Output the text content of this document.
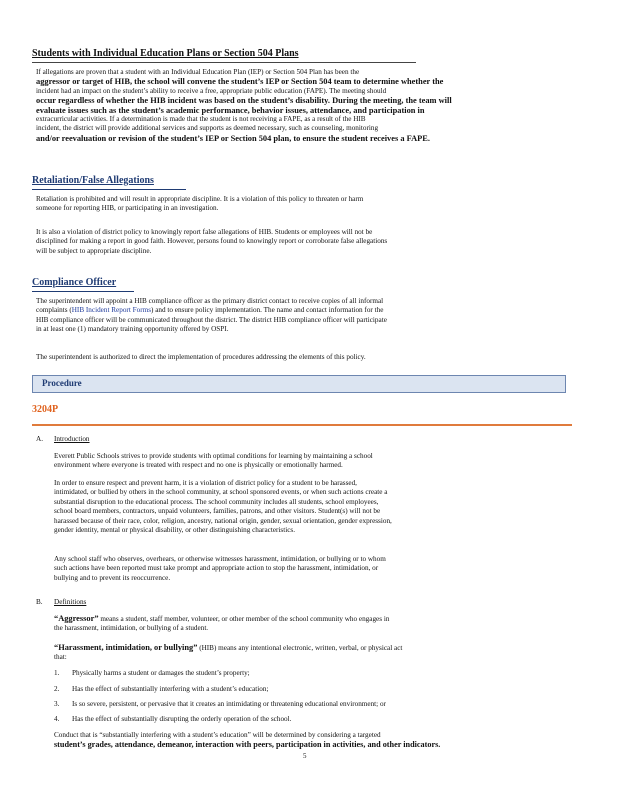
Students with Individual Education Plans or Section 504 Plans
If allegations are proven that a student with an Individual Education Plan (IEP) or Section 504 Plan has been the
aggressor or target of HIB, the school will convene the student’s IEP or Section 504 team to determine whether the
incident had an impact on the student’s ability to receive a free, appropriate public education (FAPE). The meeting should
occur regardless of whether the HIB incident was based on the student’s disability. During the meeting, the team will
evaluate issues such as the student’s academic performance, behavior issues, attendance, and participation in
extracurricular activities. If a determination is made that the student is not receiving a FAPE, as a result of the HIB
incident, the district will provide additional services and supports as deemed necessary, such as counseling, monitoring
and/or reevaluation or revision of the student’s IEP or Section 504 plan, to ensure the student receives a FAPE.
Retaliation/False Allegations
Retaliation is prohibited and will result in appropriate discipline. It is a violation of this policy to threaten or harm
someone for reporting HIB, or participating in an investigation.
It is also a violation of district policy to knowingly report false allegations of HIB. Students or employees will not be
disciplined for making a report in good faith. However, persons found to knowingly report or corroborate false allegations
will be subject to appropriate discipline.
Compliance Officer
The superintendent will appoint a HIB compliance officer as the primary district contact to receive copies of all informal
complaints (HIB Incident Report Forms) and to ensure policy implementation. The name and contact information for the
HIB compliance officer will be communicated throughout the district. The district HIB compliance officer will participate
in at least one (1) mandatory training opportunity offered by OSPI.
The superintendent is authorized to direct the implementation of procedures addressing the elements of this policy.
Procedure
3204P
A. Introduction
Everett Public Schools strives to provide students with optimal conditions for learning by maintaining a school
environment where everyone is treated with respect and no one is physically or emotionally harmed.
In order to ensure respect and prevent harm, it is a violation of district policy for a student to be harassed,
intimidated, or bullied by others in the school community, at school sponsored events, or when such actions create a
substantial disruption to the educational process. The school community includes all students, school employees,
school board members, contractors, unpaid volunteers, families, patrons, and other visitors. Student(s) will not be
harassed because of their race, color, religion, ancestry, national origin, gender, sexual orientation, gender expression,
gender identity, mental or physical disability, or other distinguishing characteristics.
Any school staff who observes, overhears, or otherwise witnesses harassment, intimidation, or bullying or to whom
such actions have been reported must take prompt and appropriate action to stop the harassment, intimidation, or
bullying and to prevent its reoccurrence.
B. Definitions
“Aggressor” means a student, staff member, volunteer, or other member of the school community who engages in
the harassment, intimidation, or bullying of a student.
“Harassment, intimidation, or bullying” (HIB) means any intentional electronic, written, verbal, or physical act
that:
1. Physically harms a student or damages the student’s property;
2. Has the effect of substantially interfering with a student’s education;
3. Is so severe, persistent, or pervasive that it creates an intimidating or threatening educational environment; or
4. Has the effect of substantially disrupting the orderly operation of the school.
Conduct that is “substantially interfering with a student’s education” will be determined by considering a targeted
student’s grades, attendance, demeanor, interaction with peers, participation in activities, and other indicators.
5
